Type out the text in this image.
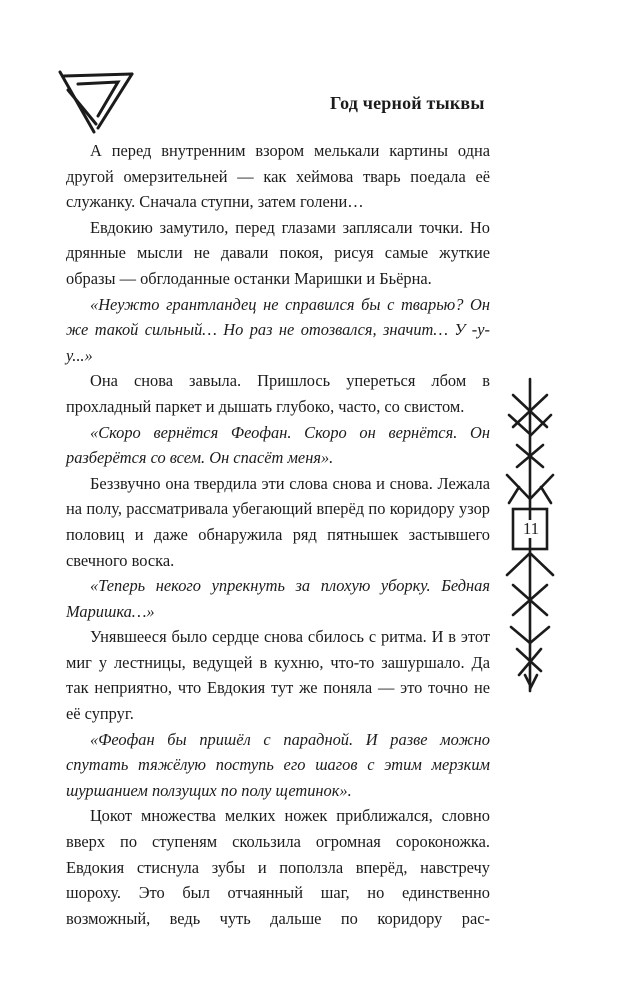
Год черной тыквы

А перед внутренним взором мелькали картины одна другой омерзительней — как хеймова тварь поедала её служанку. Сначала ступни, затем голени…

Евдокию замутило, перед глазами заплясали точки. Но дрянные мысли не давали покоя, рисуя самые жуткие образы — обглоданные останки Маришки и Бьёрна.

«Неужто грантландец не справился бы с тварью? Он же такой сильный… Но раз не отозвался, значит… У -у-у...»

Она снова завыла. Пришлось упереться лбом в прохладный паркет и дышать глубоко, часто, со свистом.

«Скоро вернётся Феофан. Скоро он вернётся. Он разберётся со всем. Он спасёт меня».

Беззвучно она твердила эти слова снова и снова. Лежала на полу, рассматривала убегающий вперёд по коридору узор половиц и даже обнаружила ряд пятнышек застывшего свечного воска.

«Теперь некого упрекнуть за плохую уборку. Бедная Маришка…»

Унявшееся было сердце снова сбилось с ритма. И в этот миг у лестницы, ведущей в кухню, что-то зашуршало. Да так неприятно, что Евдокия тут же поняла — это точно не её супруг.

«Феофан бы пришёл с парадной. И разве можно спутать тяжёлую поступь его шагов с этим мерзким шуршанием ползущих по полу щетинок».

Цокот множества мелких ножек приближался, словно вверх по ступеням скользила огромная сороконожка. Евдокия стиснула зубы и поползла вперёд, навстречу шороху. Это был отчаянный шаг, но единственно возможный, ведь чуть дальше по коридору рас-

11
